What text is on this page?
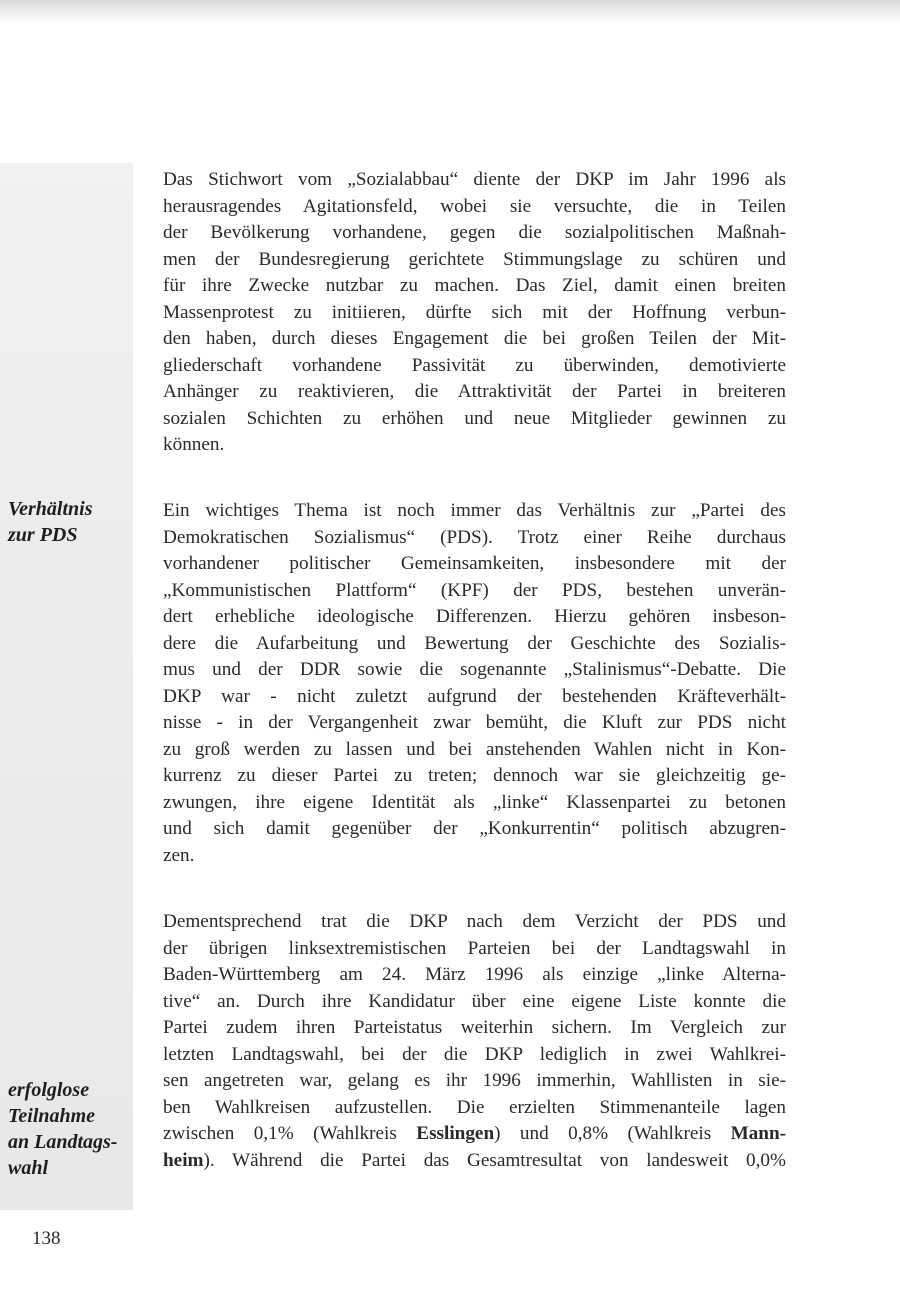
Verhältnis
zur PDS
erfolglose
Teilnahme
an Landtags-
wahl
Das Stichwort vom „Sozialabbau“ diente der DKP im Jahr 1996 als
herausragendes Agitationsfeld, wobei sie versuchte, die in Teilen
der Bevölkerung vorhandene, gegen die sozialpolitischen Maßnah-
men der Bundesregierung gerichtete Stimmungslage zu schüren und
für ihre Zwecke nutzbar zu machen. Das Ziel, damit einen breiten
Massenprotest zu initiieren, dürfte sich mit der Hoffnung verbun-
den haben, durch dieses Engagement die bei großen Teilen der Mit-
gliederschaft vorhandene Passivität zu überwinden, demotivierte
Anhänger zu reaktivieren, die Attraktivität der Partei in breiteren
sozialen Schichten zu erhöhen und neue Mitglieder gewinnen zu
können.
Ein wichtiges Thema ist noch immer das Verhältnis zur „Partei des
Demokratischen Sozialismus“ (PDS). Trotz einer Reihe durchaus
vorhandener politischer Gemeinsamkeiten, insbesondere mit der
„Kommunistischen Plattform“ (KPF) der PDS, bestehen unverän-
dert erhebliche ideologische Differenzen. Hierzu gehören insbeson-
dere die Aufarbeitung und Bewertung der Geschichte des Sozialis-
mus und der DDR sowie die sogenannte „Stalinismus“-Debatte. Die
DKP war - nicht zuletzt aufgrund der bestehenden Kräfteverhält-
nisse - in der Vergangenheit zwar bemüht, die Kluft zur PDS nicht
zu groß werden zu lassen und bei anstehenden Wahlen nicht in Kon-
kurrenz zu dieser Partei zu treten; dennoch war sie gleichzeitig ge-
zwungen, ihre eigene Identität als „linke“ Klassenpartei zu betonen
und sich damit gegenüber der „Konkurrentin“ politisch abzugren-
zen.
Dementsprechend trat die DKP nach dem Verzicht der PDS und
der übrigen linksextremistischen Parteien bei der Landtagswahl in
Baden-Württemberg am 24. März 1996 als einzige „linke Alterna-
tive“ an. Durch ihre Kandidatur über eine eigene Liste konnte die
Partei zudem ihren Parteistatus weiterhin sichern. Im Vergleich zur
letzten Landtagswahl, bei der die DKP lediglich in zwei Wahlkrei-
sen angetreten war, gelang es ihr 1996 immerhin, Wahllisten in sie-
ben Wahlkreisen aufzustellen. Die erzielten Stimmenanteile lagen
zwischen 0,1% (Wahlkreis Esslingen) und 0,8% (Wahlkreis Mann-
heim). Während die Partei das Gesamtresultat von landesweit 0,0%
138
